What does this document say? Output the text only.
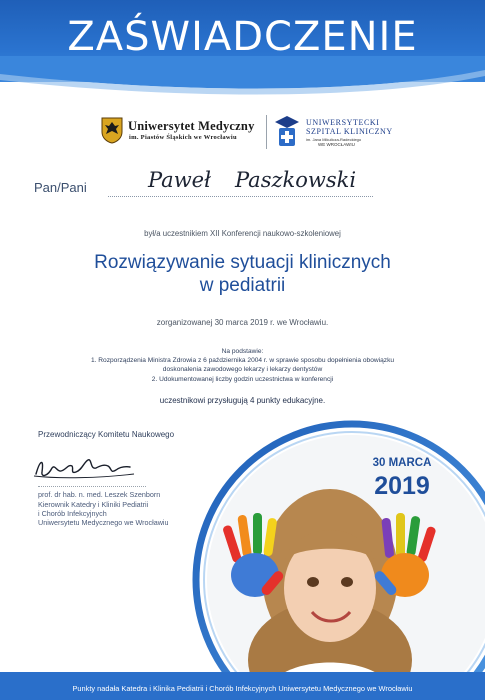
ZAŚWIADCZENIE
Uniwersytet Medyczny
im. Piastów Śląskich we Wrocławiu
UNIWERSYTECKI
SZPITAL KLINICZNY
im. Jana Mikulicza-Radeckiego
WE WROCŁAWIU
Pan/Pani	Paweł Paszkowski
był/a uczestnikiem XII Konferencji naukowo-szkoleniowej
Rozwiązywanie sytuacji klinicznych
w pediatrii
zorganizowanej 30 marca 2019 r. we Wrocławiu.
Na podstawie:
1. Rozporządzenia Ministra Zdrowia z 6 października 2004 r. w sprawie sposobu dopełnienia obowiązku
doskonalenia zawodowego lekarzy i lekarzy dentystów
2. Udokumentowanej liczby godzin uczestnictwa w konferencji
uczestnikowi przysługują 4 punkty edukacyjne.
30 MARCA
2019
Przewodniczący Komitetu Naukowego
prof. dr hab. n. med. Leszek Szenborn
Kierownik Katedry i Kliniki Pediatrii
i Chorób Infekcyjnych
Uniwersytetu Medycznego we Wrocławiu
Punkty nadała Katedra i Klinika Pediatrii i Chorób Infekcyjnych Uniwersytetu Medycznego we Wrocławiu
